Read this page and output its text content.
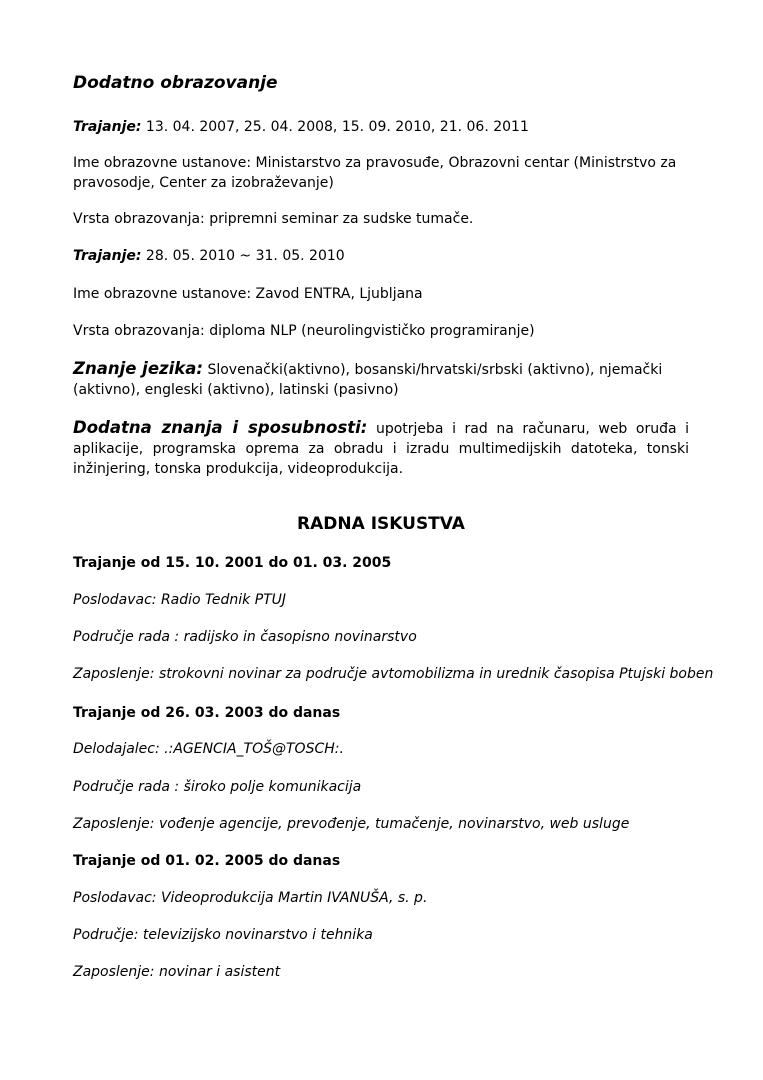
Dodatno obrazovanje

Trajanje: 13. 04. 2007, 25. 04. 2008, 15. 09. 2010, 21. 06. 2011

Ime obrazovne ustanove: Ministarstvo za pravosuđe, Obrazovni centar (Ministrstvo za pravosodje, Center za izobraževanje)

Vrsta obrazovanja: pripremni seminar za sudske tumače.

Trajanje: 28. 05. 2010 ~ 31. 05. 2010

Ime obrazovne ustanove: Zavod ENTRA, Ljubljana

Vrsta obrazovanja: diploma NLP (neurolingvističko programiranje)

Znanje jezika: Slovenački(aktivno), bosanski/hrvatski/srbski (aktivno), njemački (aktivno), engleski (aktivno), latinski (pasivno)

Dodatna znanja i sposubnosti: upotrjeba i rad na računaru, web oruđa i aplikacije, programska oprema za obradu i izradu multimedijskih datoteka, tonski inžinjering, tonska produkcija, videoprodukcija.

RADNA ISKUSTVA

Trajanje od 15. 10. 2001 do 01. 03. 2005

Poslodavac: Radio Tednik PTUJ

Područje rada : radijsko in časopisno novinarstvo

Zaposlenje: strokovni novinar za područje avtomobilizma in urednik časopisa Ptujski boben

Trajanje od 26. 03. 2003 do danas

Delodajalec: .:AGENCIA_TOŠ@TOSCH:.

Područje rada : široko polje komunikacija

Zaposlenje: vođenje agencije, prevođenje, tumačenje, novinarstvo, web usluge

Trajanje od 01. 02. 2005 do danas

Poslodavac: Videoprodukcija Martin IVANUŠA, s. p.

Područje: televizijsko novinarstvo i tehnika

Zaposlenje: novinar i asistent
